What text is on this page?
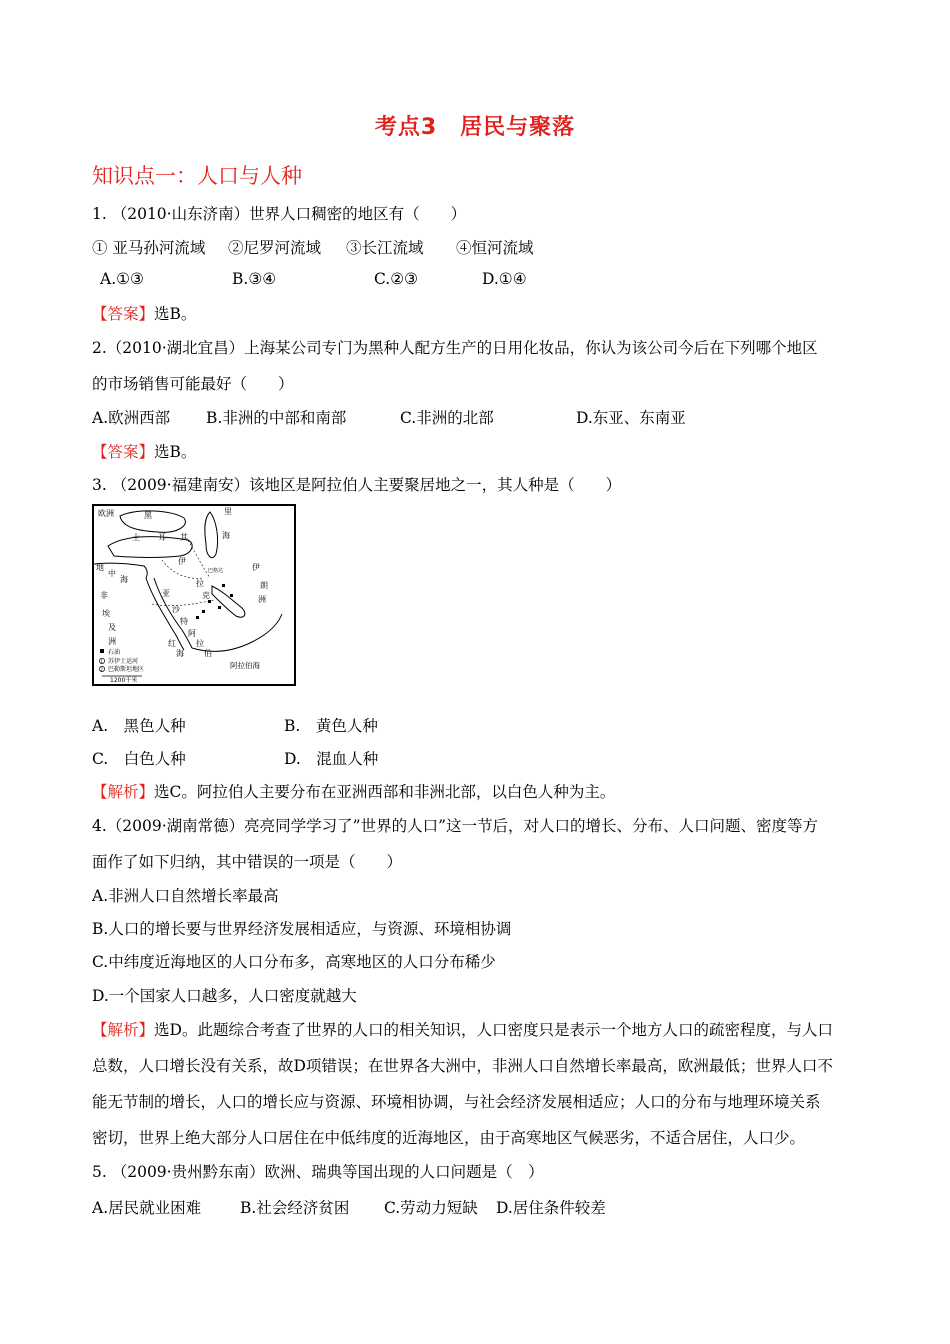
考点3　居民与聚落
知识点一：人口与人种
1. （2010·山东济南）世界人口稠密的地区有（　　）
① 亚马孙河流域 ②尼罗河流域 ③长江流域 ④恒河流域
A.①③	B.③④	C.②③	D.①④
【答案】选B。
2.（2010·湖北宜昌）上海某公司专门为黑种人配方生产的日用化妆品，你认为该公司今后在下列哪个地区
的市场销售可能最好（　　）
A.欧洲西部 B.非洲的中部和南部	C.非洲的北部	D.东亚、东南亚
【答案】选B。
3. （2009·福建南安）该地区是阿拉伯人主要聚居地之一，其人种是（　　）
欧洲	黑	里
海
土 耳 其
地
中
海
伊
拉
克
伊
朗
亚
洲
非
埃
及
沙
特
阿
拉
伯
红
海
阿拉伯海
巴格达
洲
石油
1 苏伊士运河
2 巴勒斯坦地区
1200千米
A.　黑色人种	B.　黄色人种
C.　白色人种	D.　混血人种
【解析】选C。阿拉伯人主要分布在亚洲西部和非洲北部，以白色人种为主。
4.（2009·湖南常德）亮亮同学学习了”世界的人口”这一节后，对人口的增长、分布、人口问题、密度等方
面作了如下归纳，其中错误的一项是（　　）
A.非洲人口自然增长率最高
B.人口的增长要与世界经济发展相适应，与资源、环境相协调
C.中纬度近海地区的人口分布多，高寒地区的人口分布稀少
D.一个国家人口越多，人口密度就越大
【解析】选D。此题综合考查了世界的人口的相关知识，人口密度只是表示一个地方人口的疏密程度，与人口
总数，人口增长没有关系，故D项错误；在世界各大洲中，非洲人口自然增长率最高，欧洲最低；世界人口不
能无节制的增长，人口的增长应与资源、环境相协调，与社会经济发展相适应；人口的分布与地理环境关系
密切，世界上绝大部分人口居住在中低纬度的近海地区，由于高寒地区气候恶劣，不适合居住，人口少。
5. （2009·贵州黔东南）欧洲、瑞典等国出现的人口问题是（　）
A.居民就业困难	B.社会经济贫困 C.劳动力短缺 D.居住条件较差
